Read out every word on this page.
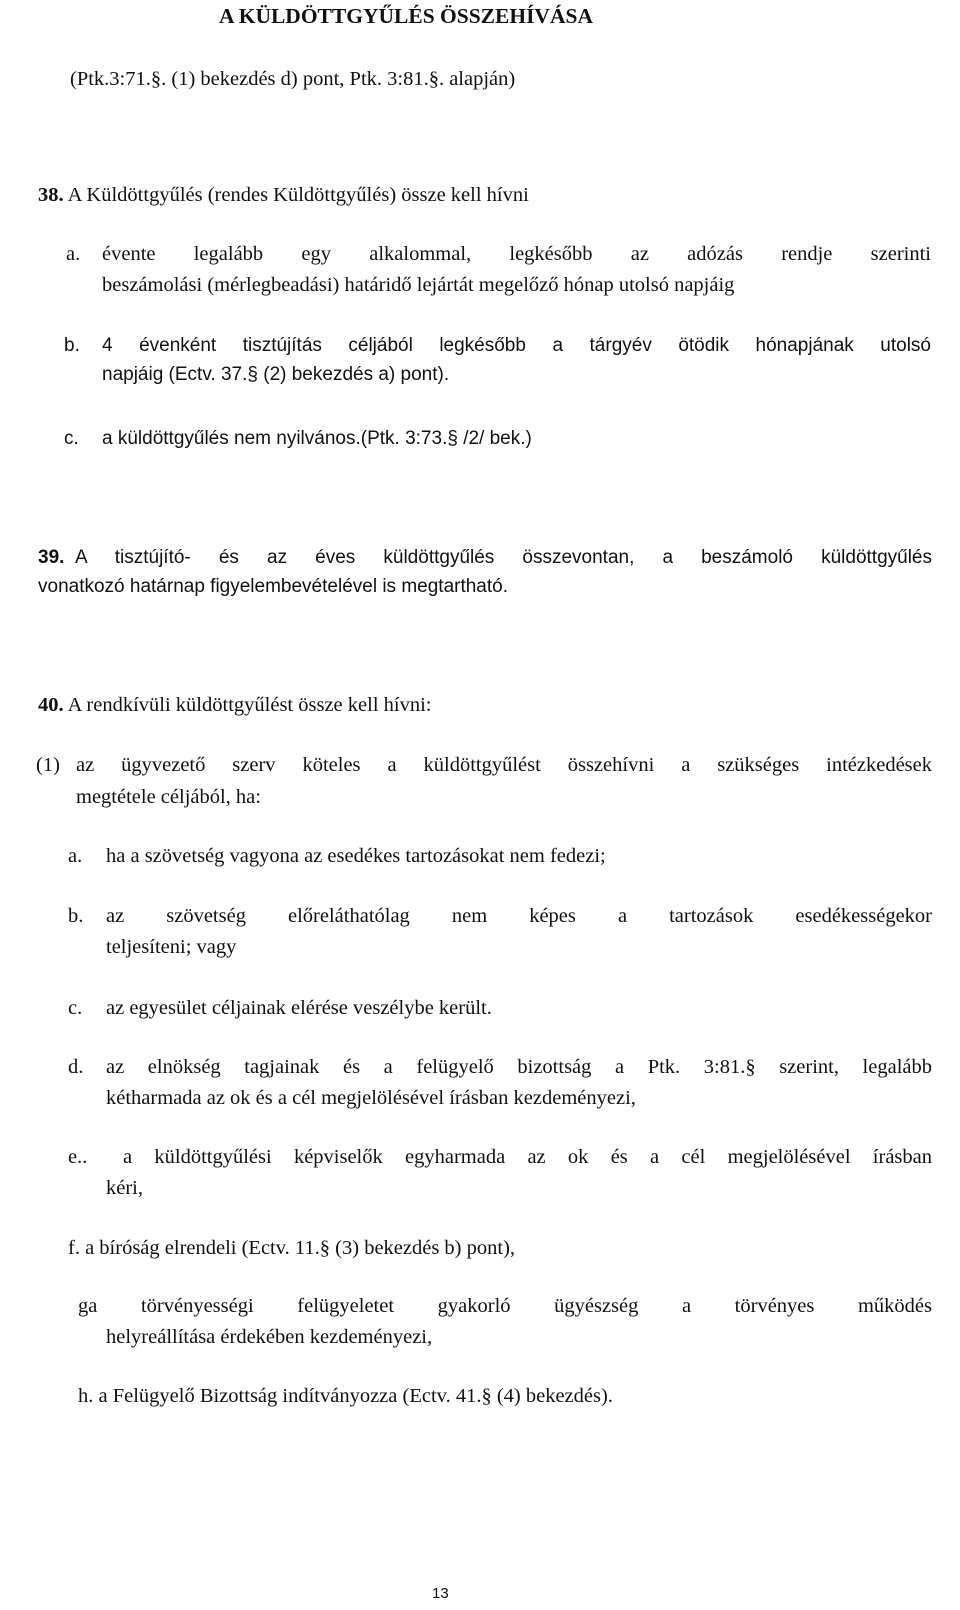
A KÜLDÖTTGYŰLÉS ÖSSZEHÍVÁSA
(Ptk.3:71.§. (1) bekezdés d) pont, Ptk. 3:81.§. alapján)
38. A Küldöttgyűlés (rendes Küldöttgyűlés) össze kell hívni
a. évente legalább egy alkalommal, legkésőbb az adózás rendje szerinti
beszámolási (mérlegbeadási) határidő lejártát megelőző hónap utolsó napjáig
b. 4 évenként tisztújítás céljából legkésőbb a tárgyév ötödik hónapjának utolsó
napjáig (Ectv. 37.§ (2) bekezdés a) pont).
c. a küldöttgyűlés nem nyilvános.(Ptk. 3:73.§ /2/ bek.)
39. A tisztújító- és az éves küldöttgyűlés összevontan, a beszámoló küldöttgyűlés
vonatkozó határnap figyelembevételével is megtartható.
40. A rendkívüli küldöttgyűlést össze kell hívni:
(1) az ügyvezető szerv köteles a küldöttgyűlést összehívni a szükséges intézkedések
megtétele céljából, ha:
a. ha a szövetség vagyona az esedékes tartozásokat nem fedezi;
b. az szövetség előreláthatólag nem képes a tartozások esedékességekor
teljesíteni; vagy
c. az egyesület céljainak elérése veszélybe került.
d. az elnökség tagjainak és a felügyelő bizottság a Ptk. 3:81.§ szerint, legalább
kétharmada az ok és a cél megjelölésével írásban kezdeményezi,
e.. a küldöttgyűlési képviselők egyharmada az ok és a cél megjelölésével írásban
kéri,
f. a bíróság elrendeli (Ectv. 11.§ (3) bekezdés b) pont),
ga törvényességi felügyeletet gyakorló ügyészség a törvényes működés
helyreállítása érdekében kezdeményezi,
h. a Felügyelő Bizottság indítványozza (Ectv. 41.§ (4) bekezdés).
13
